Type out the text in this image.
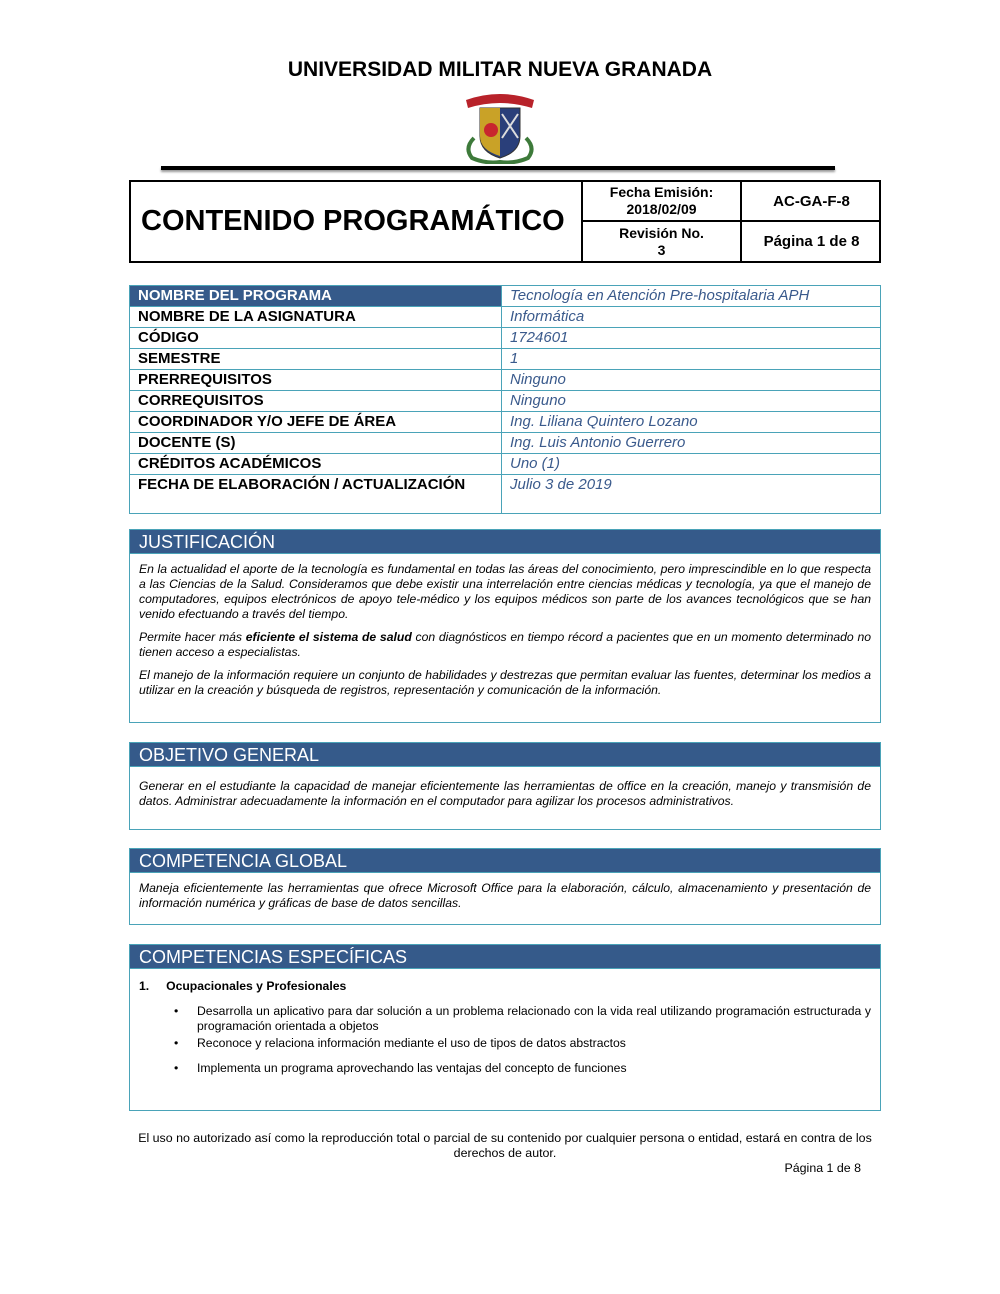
UNIVERSIDAD MILITAR NUEVA GRANADA
CONTENIDO PROGRAMÁTICO
Fecha Emisión:
2018/02/09	AC-GA-F-8
Revisión No.
3	Página 1 de 8
NOMBRE DEL PROGRAMA	Tecnología en Atención Pre-hospitalaria APH
NOMBRE DE LA ASIGNATURA	Informática
CÓDIGO	1724601
SEMESTRE	1
PRERREQUISITOS	Ninguno
CORREQUISITOS	Ninguno
COORDINADOR Y/O JEFE DE ÁREA	Ing. Liliana Quintero Lozano
DOCENTE (S)	Ing. Luis Antonio Guerrero
CRÉDITOS ACADÉMICOS	Uno (1)
FECHA DE ELABORACIÓN / ACTUALIZACIÓN	Julio 3 de 2019
JUSTIFICACIÓN

En la actualidad el aporte de la tecnología es fundamental en todas las áreas del conocimiento, pero imprescindible en lo que respecta a las Ciencias de la Salud. Consideramos que debe existir una interrelación entre ciencias médicas y tecnología, ya que el manejo de computadores, equipos electrónicos de apoyo tele-médico y los equipos médicos son parte de los avances tecnológicos que se han venido efectuando a través del tiempo.

Permite hacer más eficiente el sistema de salud con diagnósticos en tiempo récord a pacientes que en un momento determinado no tienen acceso a especialistas.

El manejo de la información requiere un conjunto de habilidades y destrezas que permitan evaluar las fuentes, determinar los medios a utilizar en la creación y búsqueda de registros, representación y comunicación de la información.

OBJETIVO GENERAL
Generar en el estudiante la capacidad de manejar eficientemente las herramientas de office en la creación, manejo y transmisión de datos. Administrar adecuadamente la información en el computador para agilizar los procesos administrativos.
COMPETENCIA GLOBAL
Maneja eficientemente las herramientas que ofrece Microsoft Office para la elaboración, cálculo, almacenamiento y presentación de información numérica y gráficas de base de datos sencillas.
COMPETENCIAS ESPECÍFICAS
1.     Ocupacionales y Profesionales
• Desarrolla un aplicativo para dar solución a un problema relacionado con la vida real utilizando programación estructurada y programación orientada a objetos
• Reconoce y relaciona información mediante el uso de tipos de datos abstractos
• Implementa un programa aprovechando las ventajas del concepto de funciones
El uso no autorizado así como la reproducción total o parcial de su contenido por cualquier persona o entidad, estará en contra de los derechos de autor.
Página 1 de 8
